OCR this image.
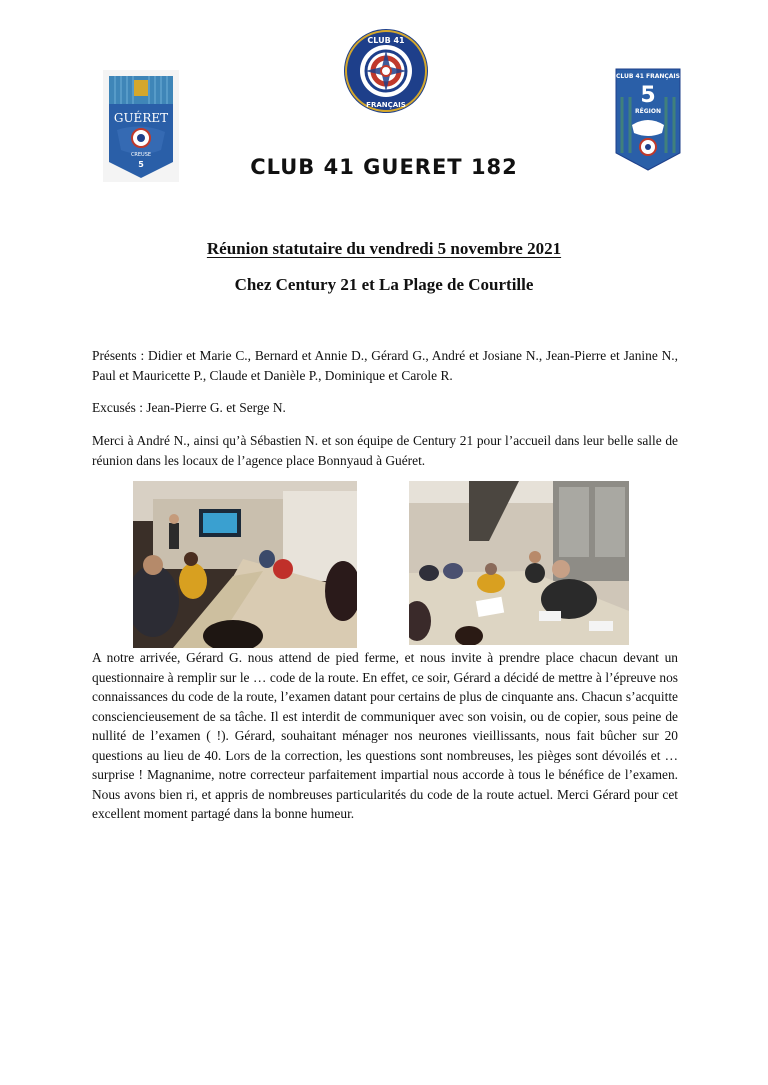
GUÉRET
CREUSE
5
CLUB 41
FRANÇAIS
CLUB 41 FRANÇAIS
5
RÉGION
CLUB 41 GUERET 182
Réunion statutaire du vendredi 5 novembre 2021
Chez Century 21 et La Plage de Courtille
Présents : Didier et Marie C., Bernard et Annie D., Gérard G., André et Josiane N., Jean-Pierre et Janine N., Paul et Mauricette P., Claude et Danièle P., Dominique et Carole R.
Excusés : Jean-Pierre G. et Serge N.
Merci à André N., ainsi qu’à Sébastien N. et son équipe de Century 21 pour l’accueil dans leur belle salle de réunion dans les locaux de l’agence place Bonnyaud à Guéret.
A notre arrivée, Gérard G. nous attend de pied ferme, et nous invite à prendre place chacun devant un questionnaire à remplir sur le … code de la route. En effet, ce soir, Gérard a décidé de mettre à l’épreuve nos connaissances du code de la route, l’examen datant pour certains de plus de cinquante ans. Chacun s’acquitte consciencieusement de sa tâche. Il est interdit de communiquer avec son voisin, ou de copier, sous peine de nullité de l’examen ( !). Gérard, souhaitant ménager nos neurones vieillissants, nous fait bûcher sur 20 questions au lieu de 40. Lors de la correction, les questions sont nombreuses, les pièges sont dévoilés et … surprise ! Magnanime, notre correcteur parfaitement impartial nous accorde à tous le bénéfice de l’examen. Nous avons bien ri, et appris de nombreuses particularités du code de la route actuel. Merci Gérard pour cet excellent moment partagé dans la bonne humeur.
